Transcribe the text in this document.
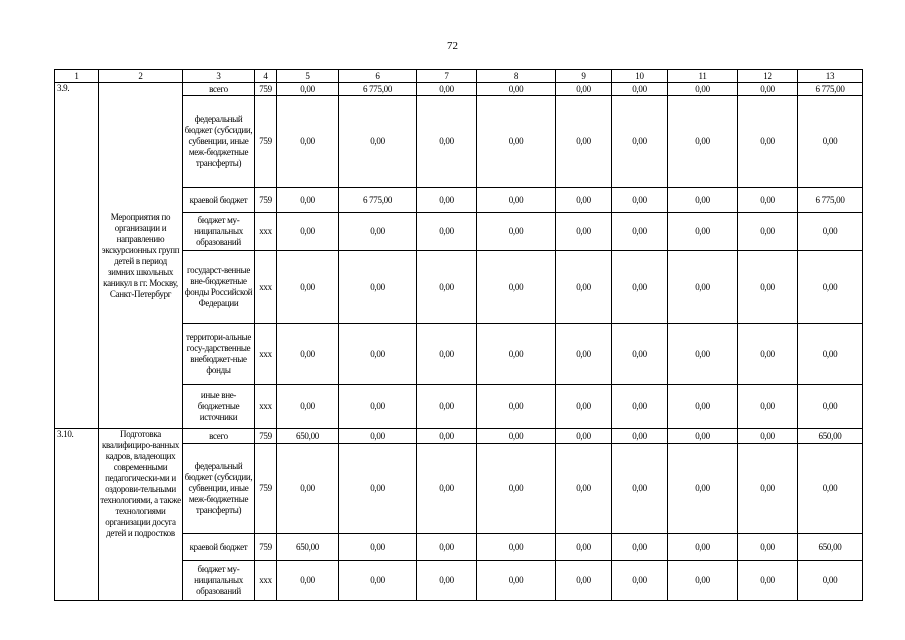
72
1	2	3	4	5	6	7	8	9	10	11	12	13
3.9.	Мероприятия по организации и направлению экскурсионных групп детей в период зимних школьных каникул в гг. Москву, Санкт-Петербург	всего	759	0,00	6 775,00	0,00	0,00	0,00	0,00	0,00	0,00	6 775,00
		федеральный бюджет (субсидии, субвенции, иные меж-бюджетные трансферты)	759	0,00	0,00	0,00	0,00	0,00	0,00	0,00	0,00	0,00
		краевой бюджет	759	0,00	6 775,00	0,00	0,00	0,00	0,00	0,00	0,00	6 775,00
		бюджет му-ниципальных образований	xxx	0,00	0,00	0,00	0,00	0,00	0,00	0,00	0,00	0,00
		государст-венные вне-бюджетные фонды Российской Федерации	xxx	0,00	0,00	0,00	0,00	0,00	0,00	0,00	0,00	0,00
		территори-альные госу-дарственные внебюджет-ные фонды	xxx	0,00	0,00	0,00	0,00	0,00	0,00	0,00	0,00	0,00
		иные вне-бюджетные источники	xxx	0,00	0,00	0,00	0,00	0,00	0,00	0,00	0,00	0,00
3.10.	Подготовка квалифициро-ванных кадров, владеющих современными педагогически-ми и оздорови-тельными технологиями, а также технологиями организации досуга детей и подростков	всего	759	650,00	0,00	0,00	0,00	0,00	0,00	0,00	0,00	650,00
		федеральный бюджет (субсидии, субвенции, иные меж-бюджетные трансферты)	759	0,00	0,00	0,00	0,00	0,00	0,00	0,00	0,00	0,00
		краевой бюджет	759	650,00	0,00	0,00	0,00	0,00	0,00	0,00	0,00	650,00
		бюджет му-ниципальных образований	xxx	0,00	0,00	0,00	0,00	0,00	0,00	0,00	0,00	0,00
